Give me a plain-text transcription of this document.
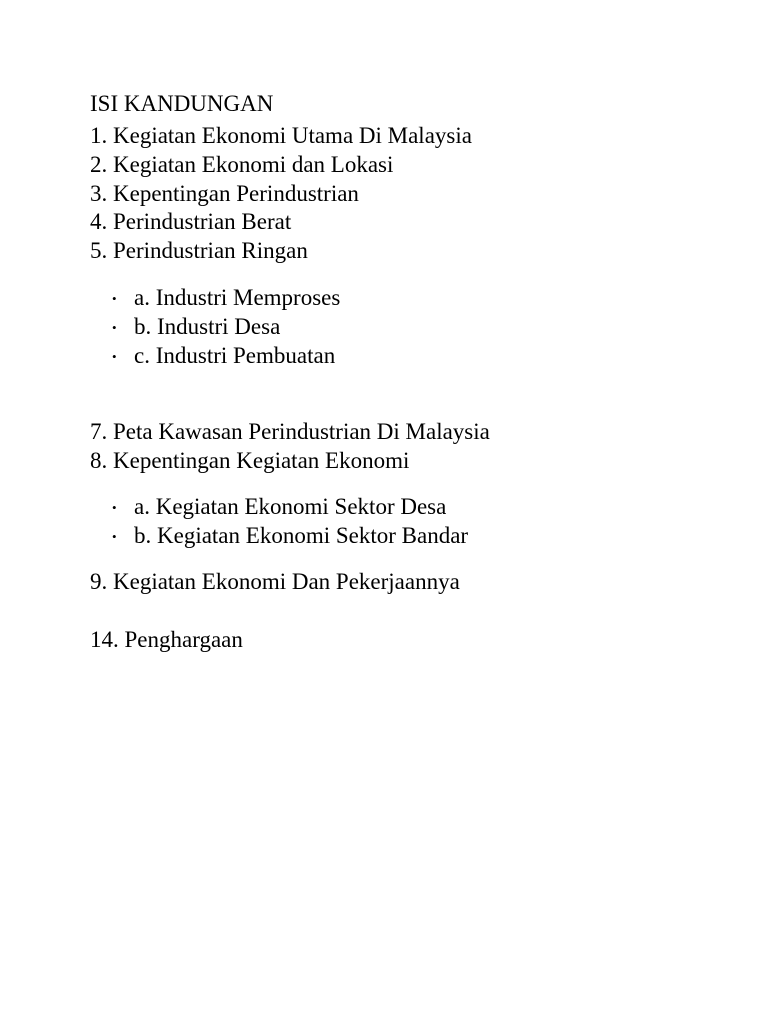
ISI KANDUNGAN
1. Kegiatan Ekonomi Utama Di Malaysia
2. Kegiatan Ekonomi dan Lokasi
3. Kepentingan Perindustrian
4. Perindustrian Berat
5. Perindustrian Ringan
• a. Industri Memproses
• b. Industri Desa
• c. Industri Pembuatan
7. Peta Kawasan Perindustrian Di Malaysia
8. Kepentingan Kegiatan Ekonomi
• a. Kegiatan Ekonomi Sektor Desa
• b. Kegiatan Ekonomi Sektor Bandar
9. Kegiatan Ekonomi Dan Pekerjaannya
14. Penghargaan
